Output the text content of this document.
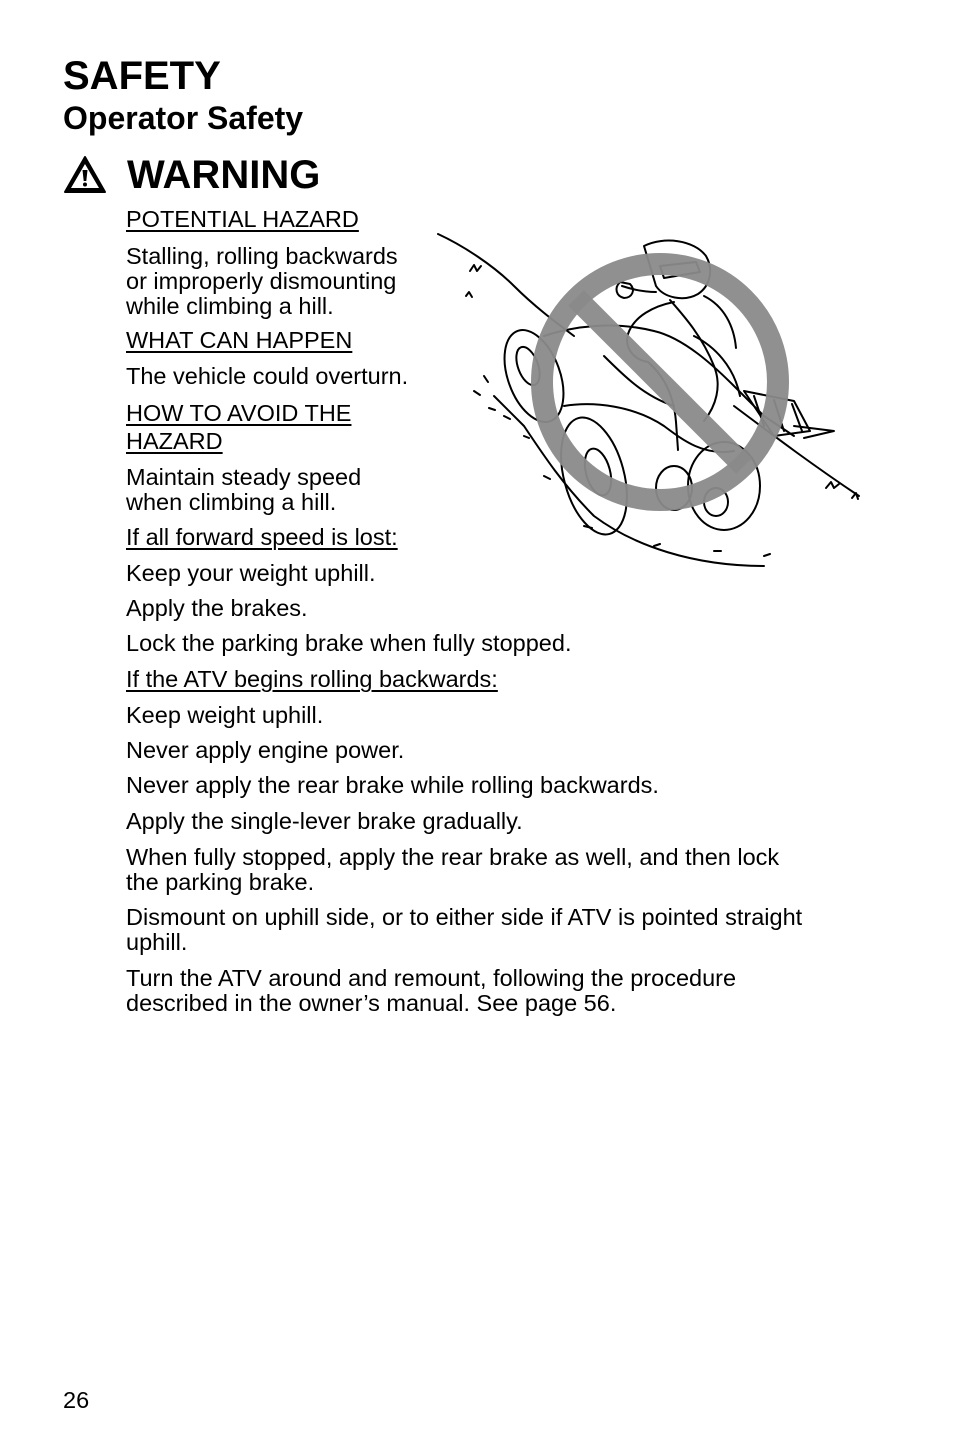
SAFETY
Operator Safety
WARNING
POTENTIAL HAZARD
Stalling, rolling backwards
or improperly dismounting
while climbing a hill.
WHAT CAN HAPPEN
The vehicle could overturn.
HOW TO AVOID THE
HAZARD
Maintain steady speed
when climbing a hill.
If all forward speed is lost:
Keep your weight uphill.
Apply the brakes.
Lock the parking brake when fully stopped.
If the ATV begins rolling backwards:
Keep weight uphill.
Never apply engine power.
Never apply the rear brake while rolling backwards.
Apply the single-lever brake gradually.
When fully stopped, apply the rear brake as well, and then lock
the parking brake.
Dismount on uphill side, or to either side if ATV is pointed straight
uphill.
Turn the ATV around and remount, following the procedure
described in the owner’s manual. See page 56.
26
